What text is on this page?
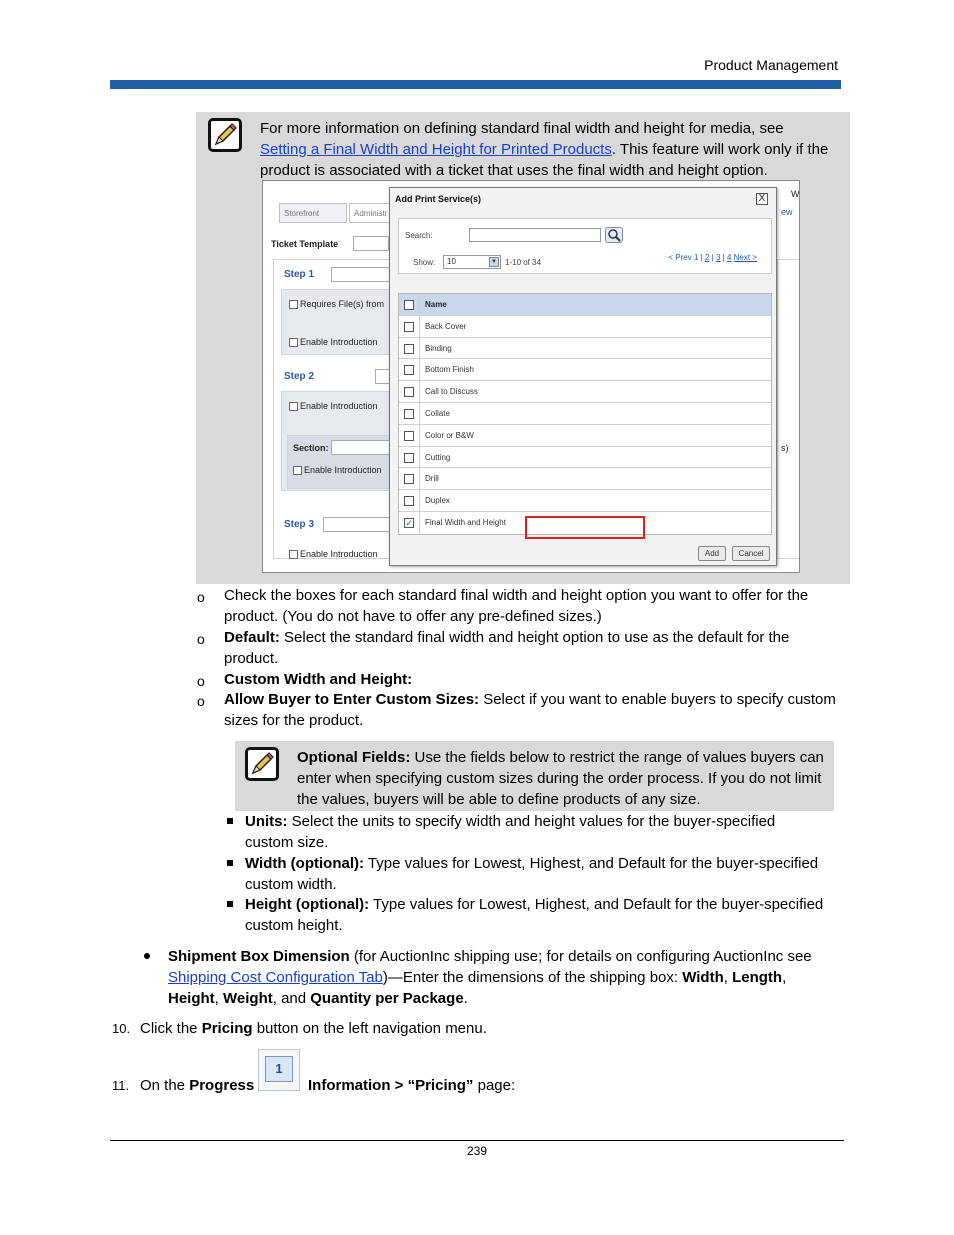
Product Management
For more information on defining standard final width and height for media, see
Setting a Final Width and Height for Printed Products. This feature will work only if the product is associated with a ticket that uses the final width and height option.
Storefront	Administr
W
ew
Ticket Template
Step 1
Requires File(s) from
Enable Introduction
Step 2
Enable Introduction
Section:
Enable Introduction
Step 3
Enable Introduction
s)
Add Print Service(s)	X
Search:
Show:	10	▼ 1-10 of 34
< Prev 1 | 2 | 3 | 4 Next >
Name
Back Cover
Binding
Bottom Finish
Call to Discuss
Collate
Color or B&W
Cutting
Drill
Duplex
✓ Final Width and Height
Add	Cancel
o Check the boxes for each standard final width and height option you want to offer for the product. (You do not have to offer any pre-defined sizes.)
o Default: Select the standard final width and height option to use as the default for the product.
o Custom Width and Height:
o Allow Buyer to Enter Custom Sizes: Select if you want to enable buyers to specify custom sizes for the product.
Optional Fields: Use the fields below to restrict the range of values buyers can enter when specifying custom sizes during the order process. If you do not limit the values, buyers will be able to define products of any size.
Units: Select the units to specify width and height values for the buyer-specified custom size.
Width (optional): Type values for Lowest, Highest, and Default for the buyer-specified custom width.
Height (optional): Type values for Lowest, Highest, and Default for the buyer-specified custom height.
Shipment Box Dimension (for AuctionInc shipping use; for details on configuring AuctionInc see Shipping Cost Configuration Tab)—Enter the dimensions of the shipping box: Width, Length, Height, Weight, and Quantity per Package.
10. Click the Pricing button on the left navigation menu.
11. On the Progress
1
Information > “Pricing” page:
239
